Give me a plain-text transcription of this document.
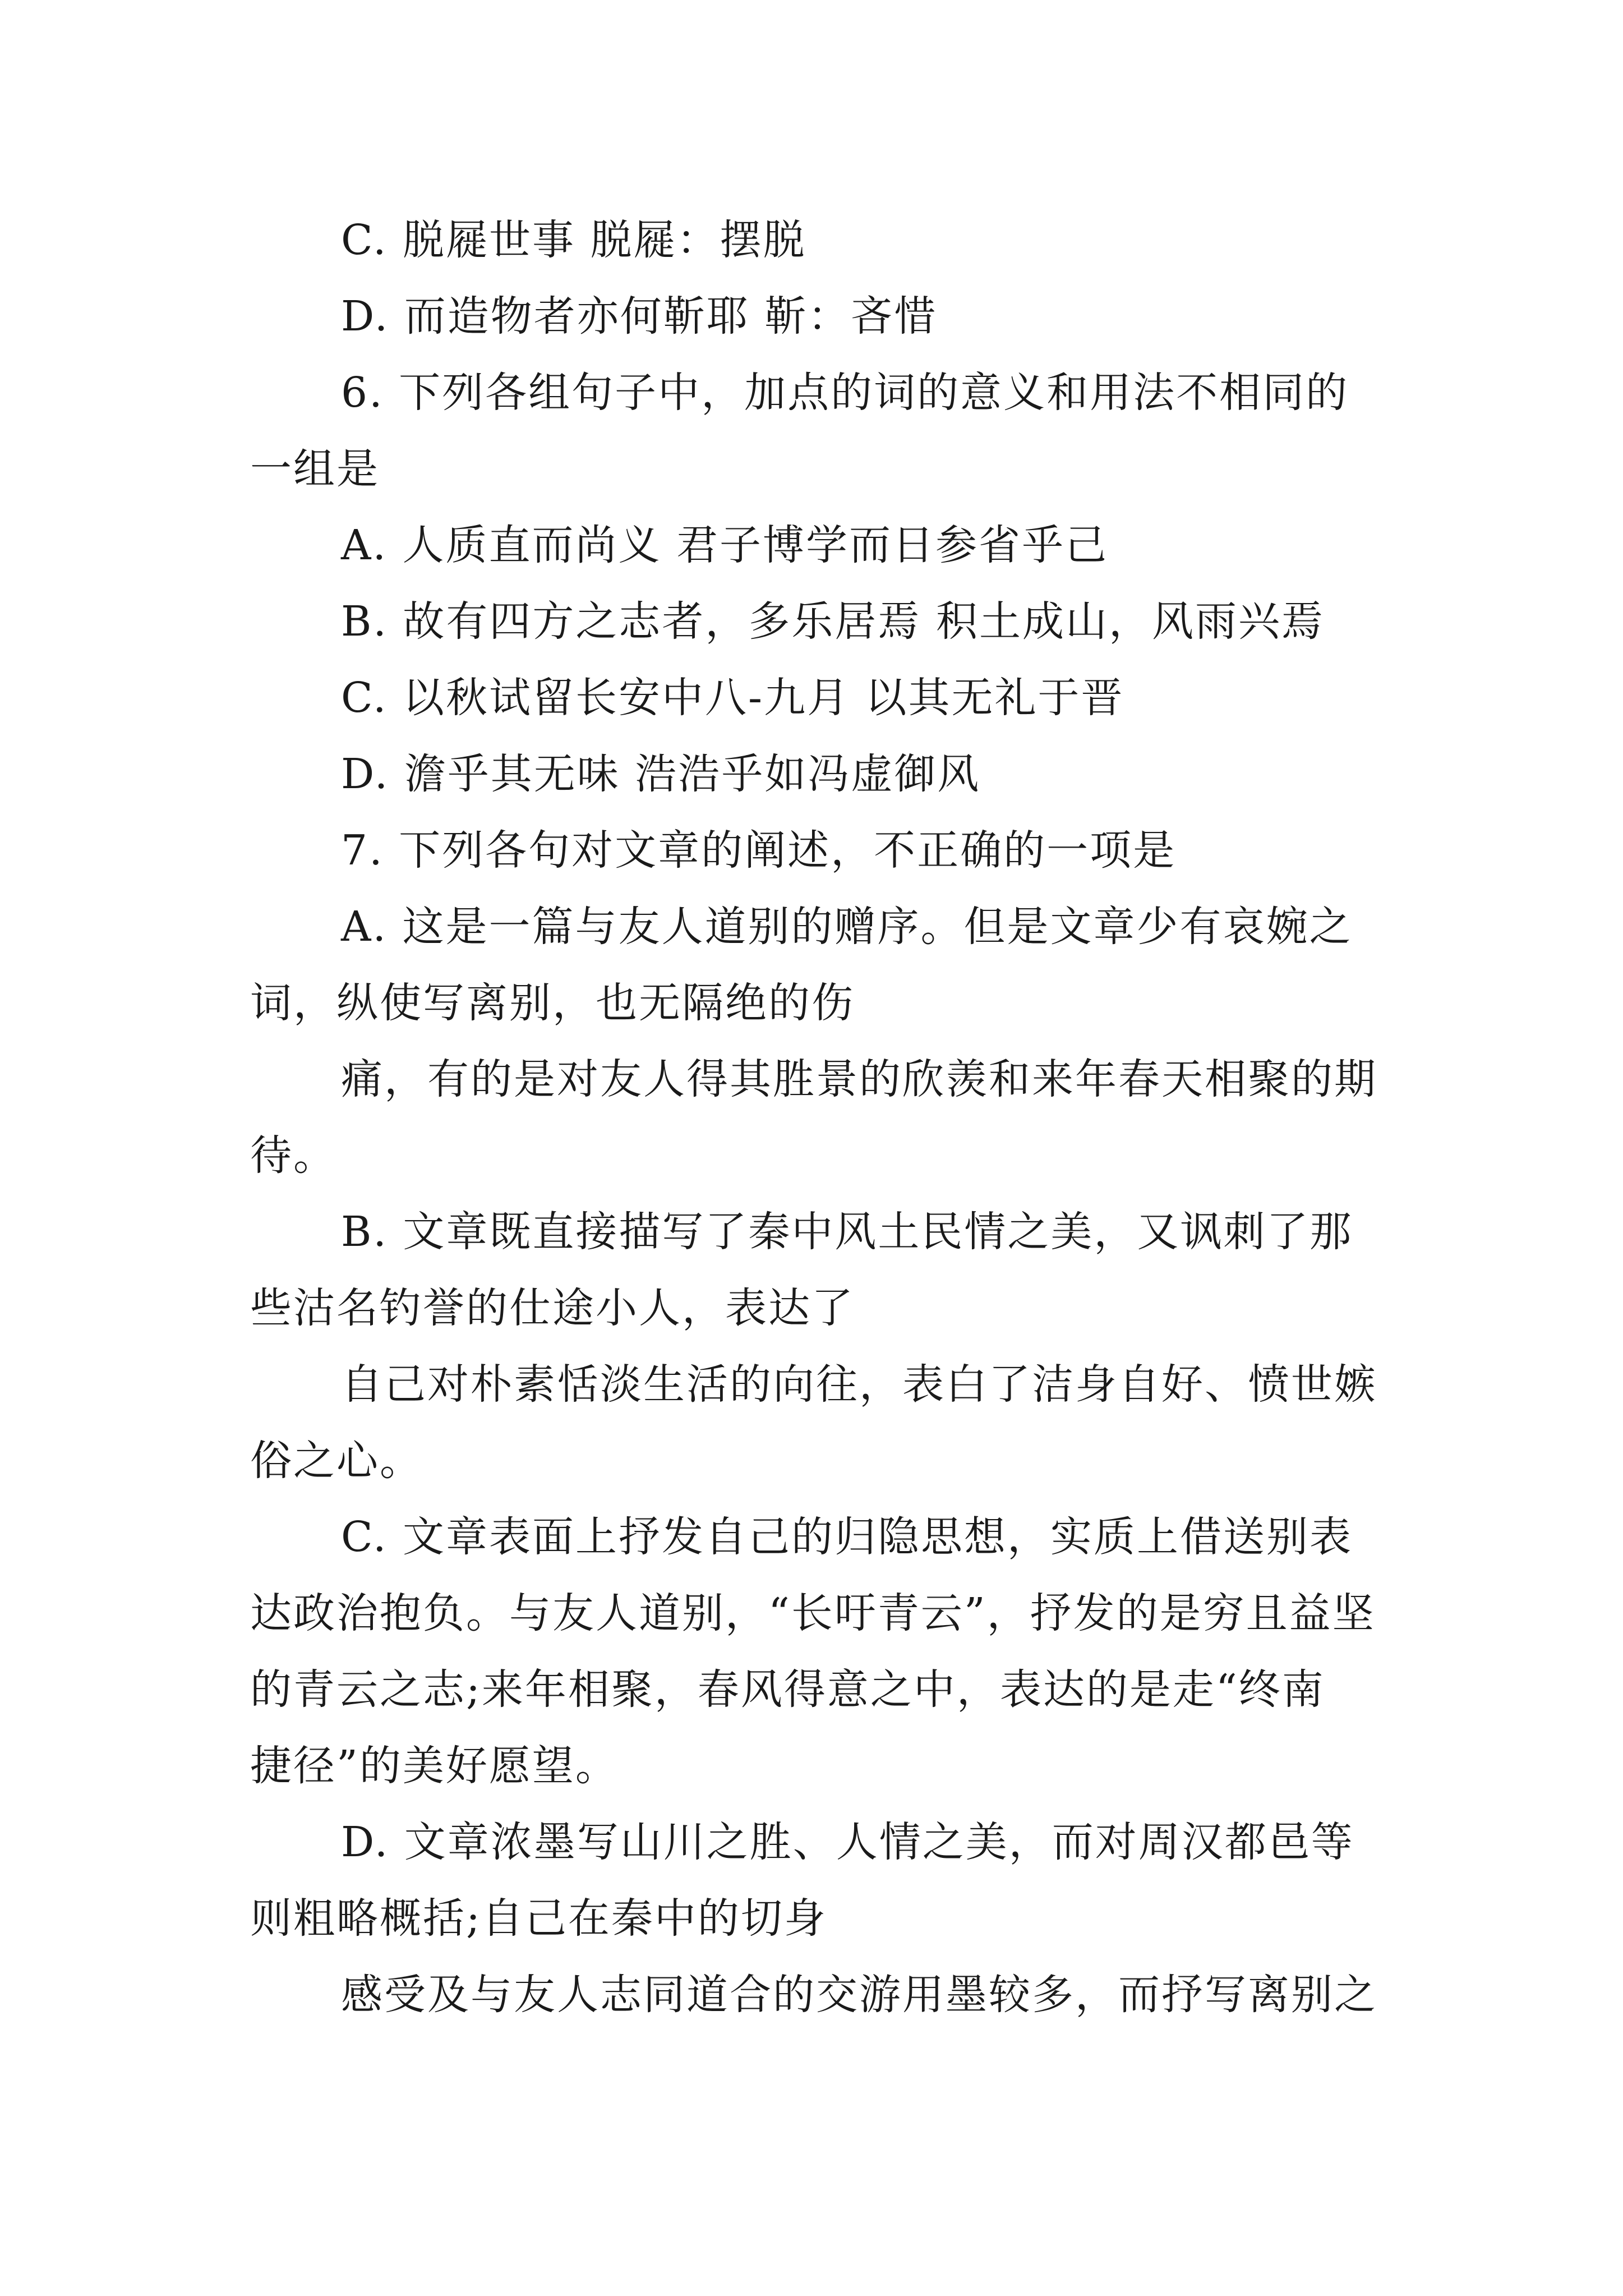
C. 脱屣世事 脱屣：摆脱
D. 而造物者亦何靳耶 靳：吝惜
6. 下列各组句子中，加点的词的意义和用法不相同的
一组是
A. 人质直而尚义 君子博学而日参省乎己
B. 故有四方之志者，多乐居焉 积土成山，风雨兴焉
C. 以秋试留长安中八-九月 以其无礼于晋
D. 澹乎其无味 浩浩乎如冯虚御风
7. 下列各句对文章的阐述，不正确的一项是
A. 这是一篇与友人道别的赠序。但是文章少有哀婉之
词，纵使写离别，也无隔绝的伤
痛，有的是对友人得其胜景的欣羡和来年春天相聚的期
待。
B. 文章既直接描写了秦中风土民情之美，又讽刺了那
些沽名钓誉的仕途小人，表达了
自己对朴素恬淡生活的向往，表白了洁身自好、愤世嫉
俗之心。
C. 文章表面上抒发自己的归隐思想，实质上借送别表
达政治抱负。与友人道别，“长吁青云”，抒发的是穷且益坚
的青云之志;来年相聚，春风得意之中，表达的是走“终南
捷径”的美好愿望。
D. 文章浓墨写山川之胜、人情之美，而对周汉都邑等
则粗略概括;自己在秦中的切身
感受及与友人志同道合的交游用墨较多，而抒写离别之
